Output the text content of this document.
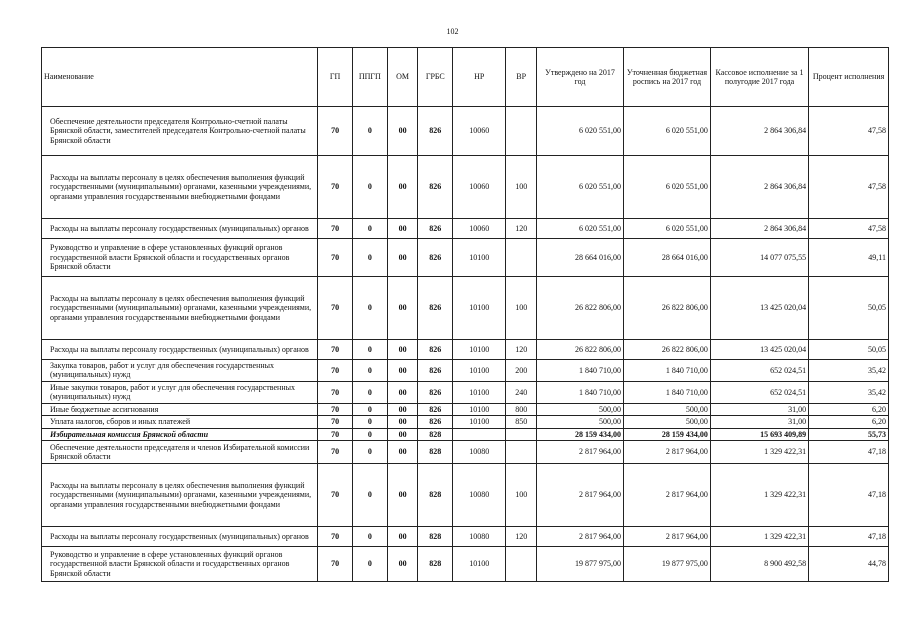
102
Наименование	ГП	ППГП	ОМ	ГРБС	НР	ВР	Утверждено на 2017 год	Уточненная бюджетная роспись на 2017 год	Кассовое исполнение за 1 полугодие 2017 года	Процент исполнения
Обеспечение деятельности председателя Контрольно-счетной палаты Брянской области, заместителей председателя Контрольно-счетной палаты Брянской области	70	0	00	826	10060		6 020 551,00	6 020 551,00	2 864 306,84	47,58
Расходы на выплаты персоналу в целях обеспечения выполнения функций государственными (муниципальными) органами, казенными учреждениями, органами управления государственными внебюджетными фондами	70	0	00	826	10060	100	6 020 551,00	6 020 551,00	2 864 306,84	47,58
Расходы на выплаты персоналу государственных (муниципальных) органов	70	0	00	826	10060	120	6 020 551,00	6 020 551,00	2 864 306,84	47,58
Руководство и управление в сфере установленных функций органов государственной власти Брянской области и государственных органов Брянской области	70	0	00	826	10100		28 664 016,00	28 664 016,00	14 077 075,55	49,11
Расходы на выплаты персоналу в целях обеспечения выполнения функций государственными (муниципальными) органами, казенными учреждениями, органами управления государственными внебюджетными фондами	70	0	00	826	10100	100	26 822 806,00	26 822 806,00	13 425 020,04	50,05
Расходы на выплаты персоналу государственных (муниципальных) органов	70	0	00	826	10100	120	26 822 806,00	26 822 806,00	13 425 020,04	50,05
Закупка товаров, работ и услуг для обеспечения государственных (муниципальных) нужд	70	0	00	826	10100	200	1 840 710,00	1 840 710,00	652 024,51	35,42
Иные закупки товаров, работ и услуг для обеспечения государственных (муниципальных) нужд	70	0	00	826	10100	240	1 840 710,00	1 840 710,00	652 024,51	35,42
Иные бюджетные ассигнования	70	0	00	826	10100	800	500,00	500,00	31,00	6,20
Уплата налогов, сборов и иных платежей	70	0	00	826	10100	850	500,00	500,00	31,00	6,20
Избирательная комиссия Брянской области	70	0	00	828			28 159 434,00	28 159 434,00	15 693 409,89	55,73
Обеспечение деятельности председателя и членов Избирательной комиссии Брянской области	70	0	00	828	10080		2 817 964,00	2 817 964,00	1 329 422,31	47,18
Расходы на выплаты персоналу в целях обеспечения выполнения функций государственными (муниципальными) органами, казенными учреждениями, органами управления государственными внебюджетными фондами	70	0	00	828	10080	100	2 817 964,00	2 817 964,00	1 329 422,31	47,18
Расходы на выплаты персоналу государственных (муниципальных) органов	70	0	00	828	10080	120	2 817 964,00	2 817 964,00	1 329 422,31	47,18
Руководство и управление в сфере установленных функций органов государственной власти Брянской области и государственных органов Брянской области	70	0	00	828	10100		19 877 975,00	19 877 975,00	8 900 492,58	44,78
